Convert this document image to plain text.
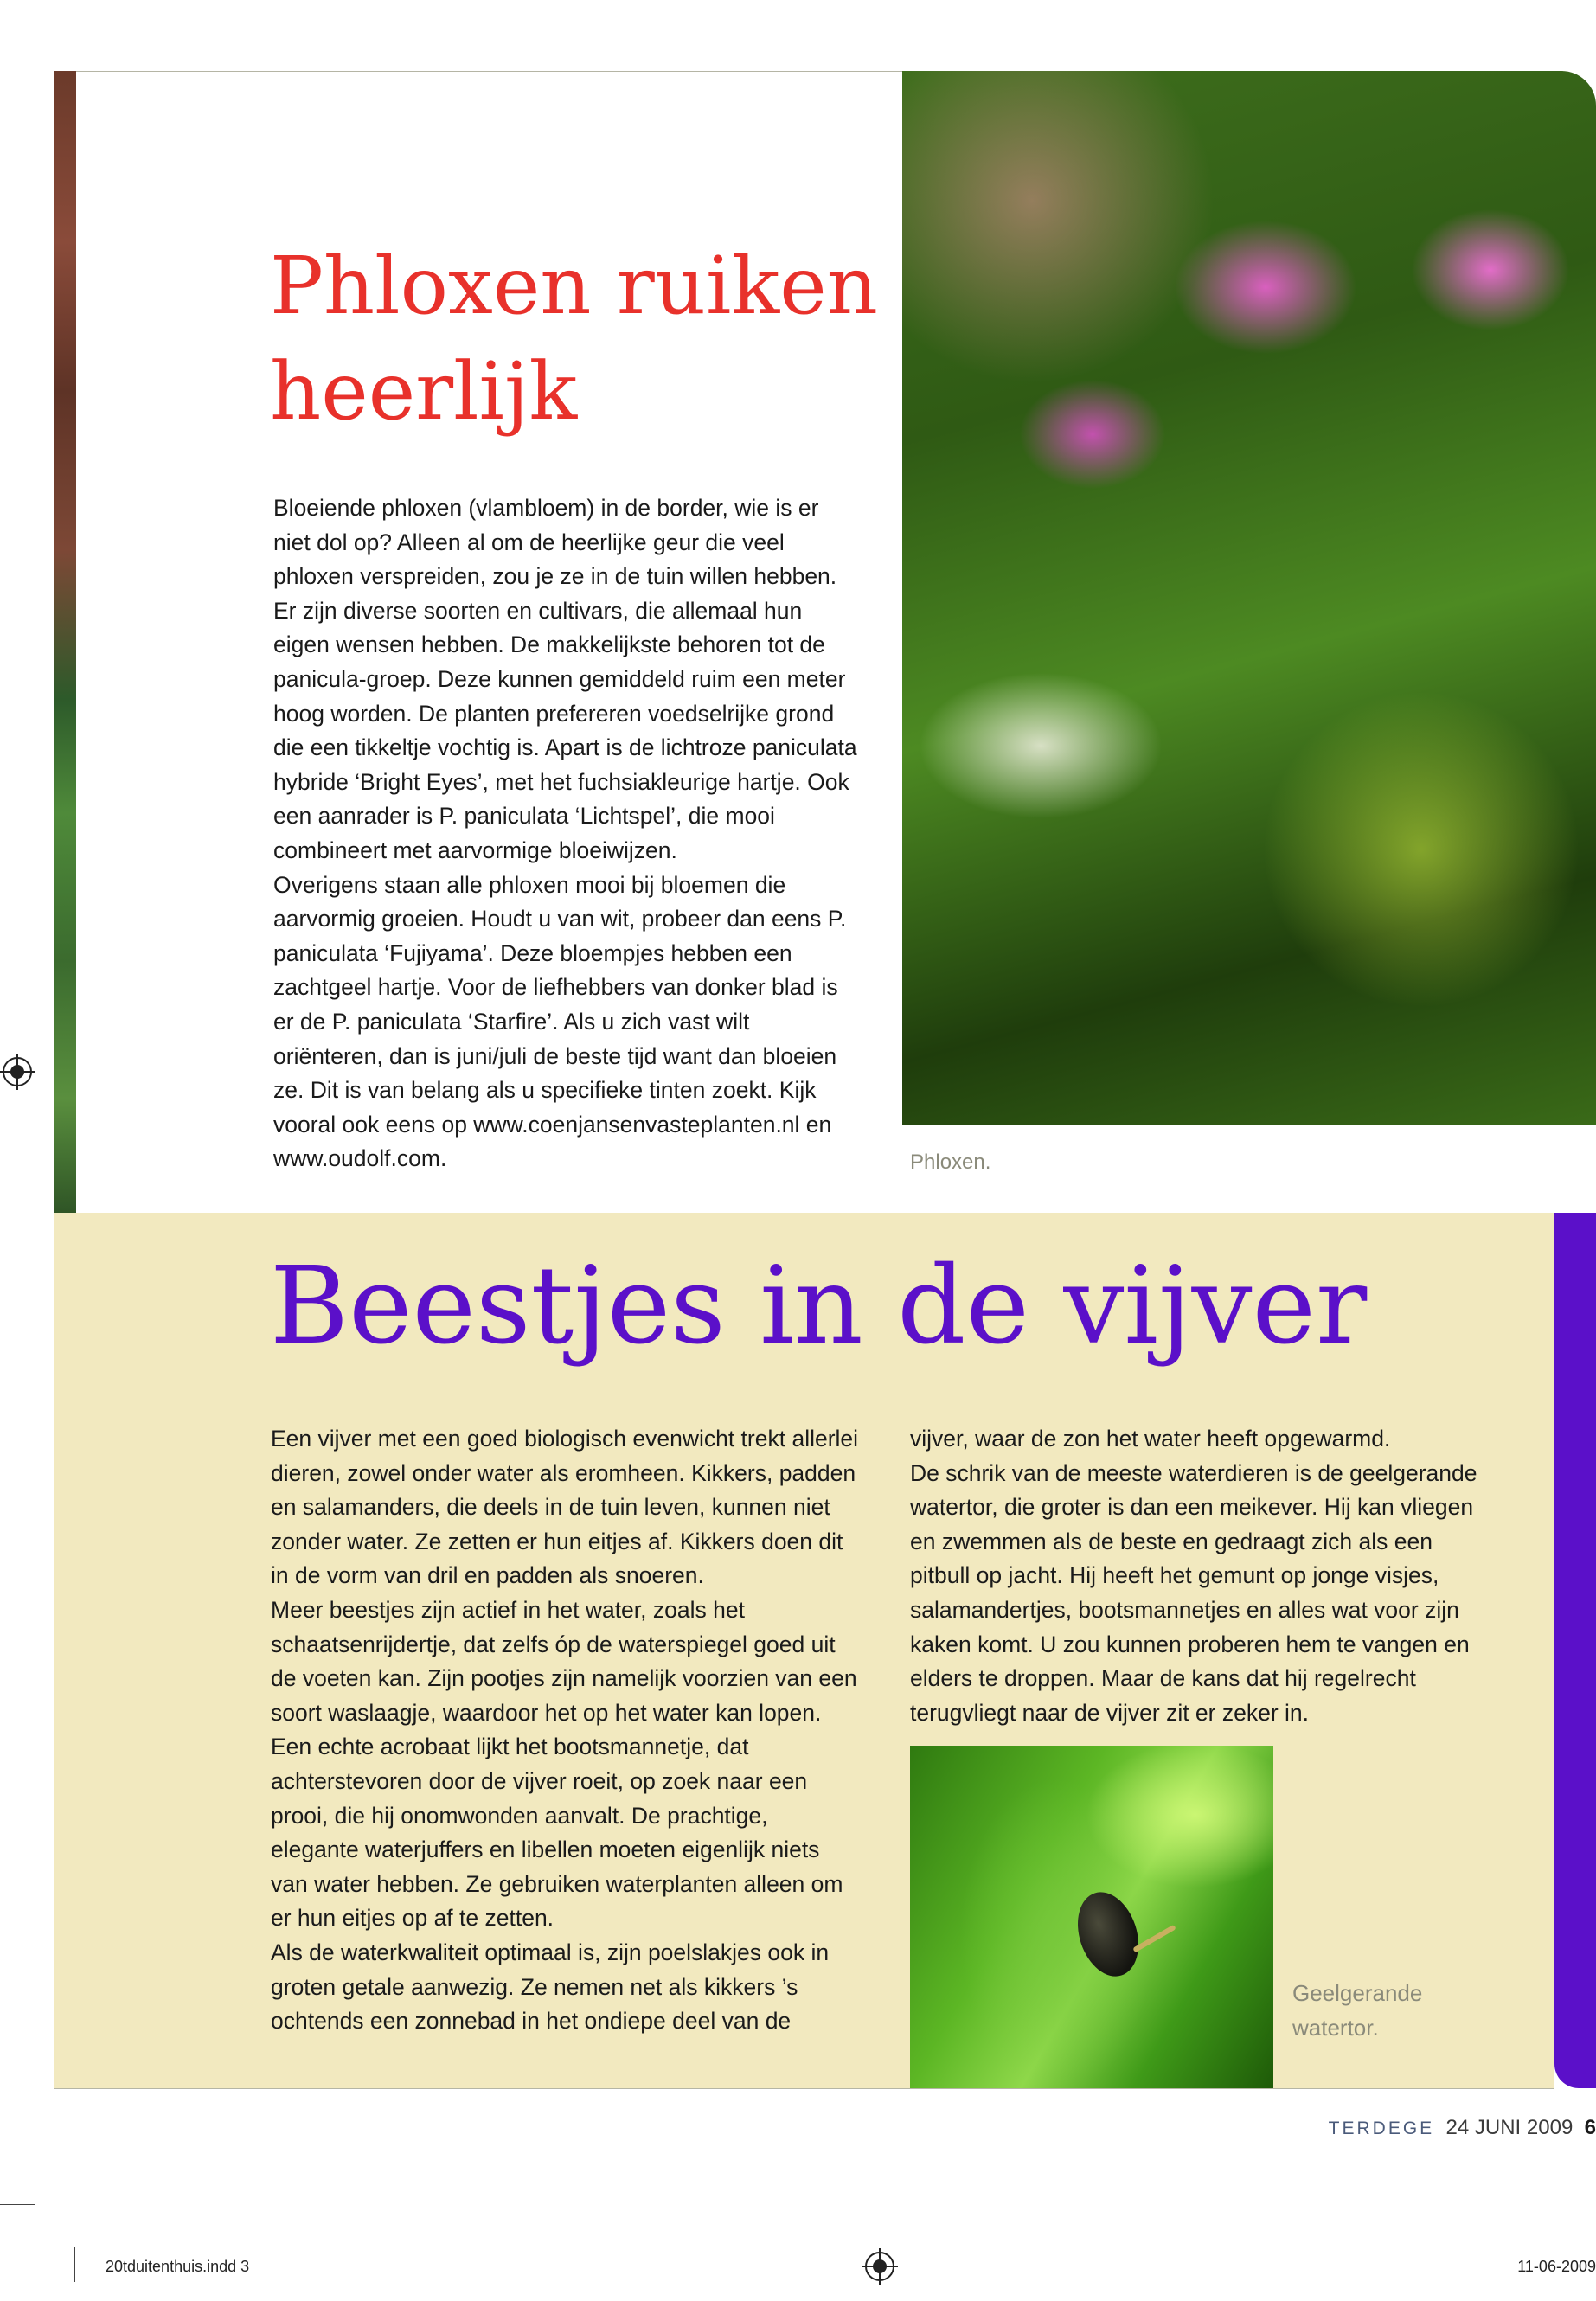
Phloxen ruiken
heerlijk

Bloeiende phloxen (vlambloem) in de border, wie is er niet dol op? Alleen al om de heerlijke geur die veel phloxen verspreiden, zou je ze in de tuin willen hebben. Er zijn diverse soorten en cultivars, die allemaal hun eigen wensen hebben. De makkelijkste behoren tot de panicula-groep. Deze kunnen gemiddeld ruim een meter hoog worden. De planten prefereren voedselrijke grond die een tikkeltje vochtig is. Apart is de lichtroze paniculata hybride ‘Bright Eyes’, met het fuchsiakleurige hartje. Ook een aanrader is P. paniculata ‘Lichtspel’, die mooi combineert met aarvormige bloeiwijzen.

Overigens staan alle phloxen mooi bij bloemen die aarvormig groeien. Houdt u van wit, probeer dan eens P. paniculata ‘Fujiyama’. Deze bloempjes hebben een zachtgeel hartje. Voor de liefhebbers van donker blad is er de P. paniculata ‘Starfire’. Als u zich vast wilt oriënteren, dan is juni/juli de beste tijd want dan bloeien ze. Dit is van belang als u specifieke tinten zoekt. Kijk vooral ook eens op www.coenjansenvasteplanten.nl en www.oudolf.com.	Phloxen.
Beestjes in de vijver
Een vijver met een goed biologisch evenwicht trekt allerlei dieren, zowel onder water als eromheen. Kikkers, padden en salamanders, die deels in de tuin leven, kunnen niet zonder water. Ze zetten er hun eitjes af. Kikkers doen dit in de vorm van dril en padden als snoeren.
Meer beestjes zijn actief in het water, zoals het schaatsenrijdertje, dat zelfs óp de waterspiegel goed uit de voeten kan. Zijn pootjes zijn namelijk voorzien van een soort waslaagje, waardoor het op het water kan lopen.
Een echte acrobaat lijkt het bootsmannetje, dat achterstevoren door de vijver roeit, op zoek naar een prooi, die hij onomwonden aanvalt. De prachtige, elegante waterjuffers en libellen moeten eigenlijk niets van water hebben. Ze gebruiken waterplanten alleen om er hun eitjes op af te zetten.
Als de waterkwaliteit optimaal is, zijn poelslakjes ook in groten getale aanwezig. Ze nemen net als kikkers ’s ochtends een zonnebad in het ondiepe deel van de
vijver, waar de zon het water heeft opgewarmd.
De schrik van de meeste waterdieren is de geelgerande watertor, die groter is dan een meikever. Hij kan vliegen en zwemmen als de beste en gedraagt zich als een pitbull op jacht. Hij heeft het gemunt op jonge visjes, salamandertjes, bootsmannetjes en alles wat voor zijn kaken komt. U zou kunnen proberen hem te vangen en elders te droppen. Maar de kans dat hij regelrecht terugvliegt naar de vijver zit er zeker in.
Geelgerande
watertor.
TERDEGE 24 JUNI 2009 6
20tduitenthuis.indd 3	11-06-2009
